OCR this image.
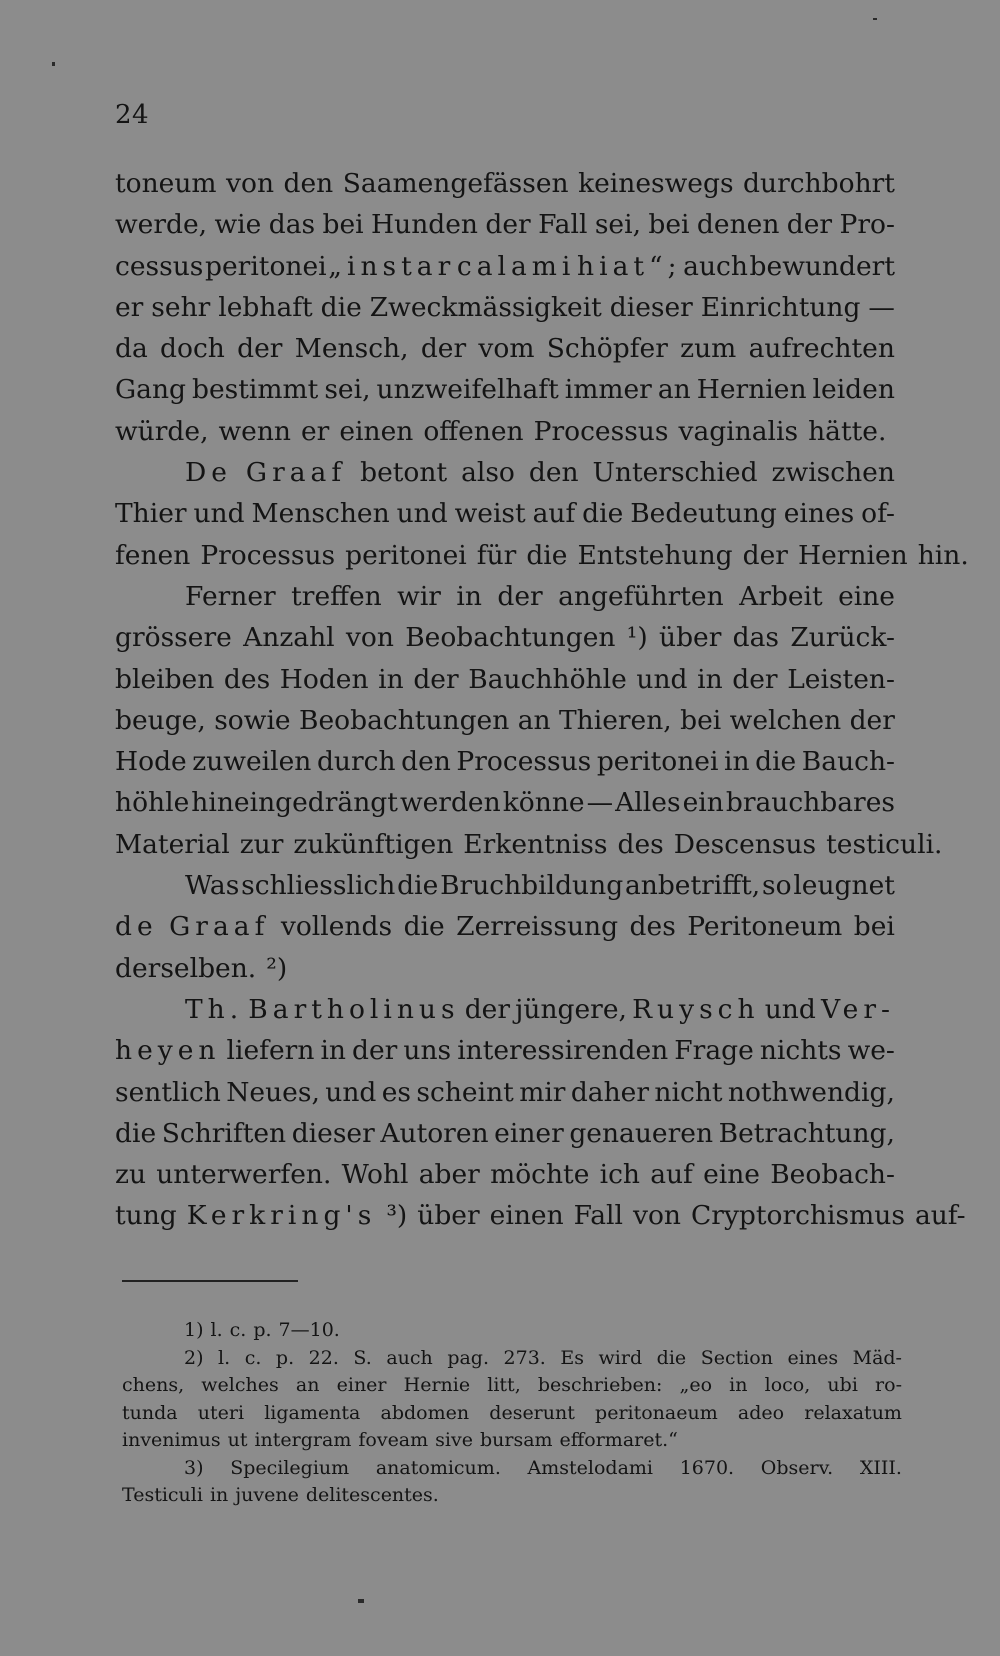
24
toneum von den Saamengefässen keineswegs durchbohrt
werde, wie das bei Hunden der Fall sei, bei denen der Pro-
cessus peritonei „instar calami hiat“; auch bewundert
er sehr lebhaft die Zweckmässigkeit dieser Einrichtung —
da doch der Mensch, der vom Schöpfer zum aufrechten
Gang bestimmt sei, unzweifelhaft immer an Hernien leiden
würde, wenn er einen offenen Processus vaginalis hätte.
De Graaf betont also den Unterschied zwischen
Thier und Menschen und weist auf die Bedeutung eines of-
fenen Processus peritonei für die Entstehung der Hernien hin.
Ferner treffen wir in der angeführten Arbeit eine
grössere Anzahl von Beobachtungen ¹) über das Zurück-
bleiben des Hoden in der Bauchhöhle und in der Leisten-
beuge, sowie Beobachtungen an Thieren, bei welchen der
Hode zuweilen durch den Processus peritonei in die Bauch-
höhle hineingedrängt werden könne — Alles ein brauchbares
Material zur zukünftigen Erkentniss des Descensus testiculi.
Was schliesslich die Bruchbildung anbetrifft, so leugnet
de Graaf vollends die Zerreissung des Peritoneum bei
derselben. ²)
Th. Bartholinus der jüngere, Ruysch und Ver-
heyen liefern in der uns interessirenden Frage nichts we-
sentlich Neues, und es scheint mir daher nicht nothwendig,
die Schriften dieser Autoren einer genaueren Betrachtung,
zu unterwerfen. Wohl aber möchte ich auf eine Beobach-
tung Kerkring's ³) über einen Fall von Cryptorchismus auf-
1) l. c. p. 7—10.
2) l. c. p. 22. S. auch pag. 273. Es wird die Section eines Mäd-
chens, welches an einer Hernie litt, beschrieben: „eo in loco, ubi ro-
tunda uteri ligamenta abdomen deserunt peritonaeum adeo relaxatum
invenimus ut intergram foveam sive bursam efformaret.“
3) Specilegium anatomicum. Amstelodami 1670. Observ. XIII.
Testiculi in juvene delitescentes.
